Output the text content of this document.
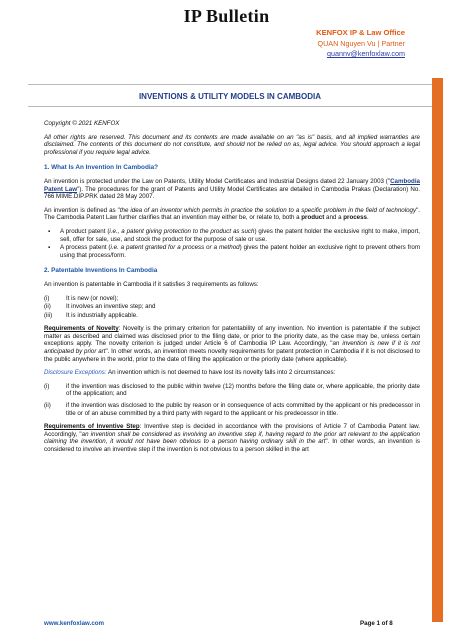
IP Bulletin
KENFOX IP & Law Office
QUAN Nguyen Vu | Partner
quannv@kenfoxlaw.com
INVENTIONS & UTILITY MODELS IN CAMBODIA

Copyright © 2021 KENFOX

All other rights are reserved. This document and its contents are made available on an "as is" basis, and all implied warranties are disclaimed. The contents of this document do not constitute, and should not be relied on as, legal advice. You should approach a legal professional if you require legal advice.

1. What Is An Invention In Cambodia?

An invention is protected under the Law on Patents, Utility Model Certificates and Industrial Designs dated 22 January 2003 ("Cambodia Patent Law"). The procedures for the grant of Patents and Utility Model Certificates are detailed in Cambodia Prakas (Declaration) No. 766 MIME.DIP.PRK dated 28 May 2007.

An invention is defined as "the idea of an inventor which permits in practice the solution to a specific problem in the field of technology". The Cambodia Patent Law further clarifies that an invention may either be, or relate to, both a product and a process.

▪ A product patent (i.e., a patent giving protection to the product as such) gives the patent holder the exclusive right to make, import, sell, offer for sale, use, and stock the product for the purpose of sale or use.
▪ A process patent (i.e. a patent granted for a process or a method) gives the patent holder an exclusive right to prevent others from using that process/form.
2. Patentable Inventions In Cambodia

An invention is patentable in Cambodia if it satisfies 3 requirements as follows:

(i)	It is new (or novel);
(ii)	It involves an inventive step; and
(iii)	It is industrially applicable.

Requirements of Novelty: Novelty is the primary criterion for patentability of any invention. No invention is patentable if the subject matter as described and claimed was disclosed prior to the filing date, or prior to the priority date, as the case may be, unless certain exceptions apply. The novelty criterion is judged under Article 6 of Cambodia IP Law. Accordingly, "an invention is new if it is not anticipated by prior art". In other words, an invention meets novelty requirements for patent protection in Cambodia if it is not disclosed to the public anywhere in the world, prior to the date of filing the application or the priority date (where applicable).

Disclosure Exceptions: An invention which is not deemed to have lost its novelty falls into 2 circumstances:

(i)	if the invention was disclosed to the public within twelve (12) months before the filing date or, where applicable, the priority date of the application; and
(ii)	if the invention was disclosed to the public by reason or in consequence of acts committed by the applicant or his predecessor in title or of an abuse committed by a third party with regard to the applicant or his predecessor in title.

Requirements of Inventive Step: Inventive step is decided in accordance with the provisions of Article 7 of Cambodia Patent law. Accordingly, "an invention shall be considered as involving an inventive step if, having regard to the prior art relevant to the application claiming the invention, it would not have been obvious to a person having ordinary skill in the art". In other words, an invention is considered to involve an inventive step if the invention is not obvious to a person skilled in the art

www.kenfoxlaw.com	Page 1 of 8
